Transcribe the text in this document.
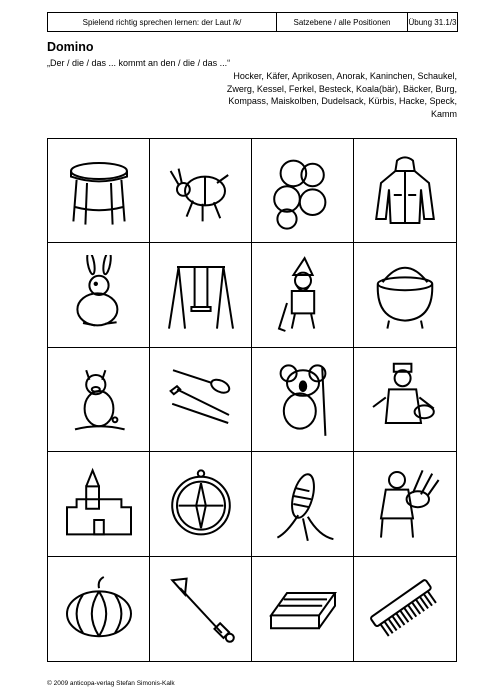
Spielend richtig sprechen lernen: der Laut /k/	Satzebene / alle Positionen	Übung 31.1/3
Domino
„Der / die / das ... kommt an den / die / das ...“
Hocker, Käfer, Aprikosen, Anorak, Kaninchen, Schaukel, Zwerg, Kessel, Ferkel, Besteck, Koala(bär), Bäcker, Burg, Kompass, Maiskolben, Dudelsack, Kürbis, Hacke, Speck, Kamm
© 2009 anticopa-verlag Stefan Simonis-Kalk
